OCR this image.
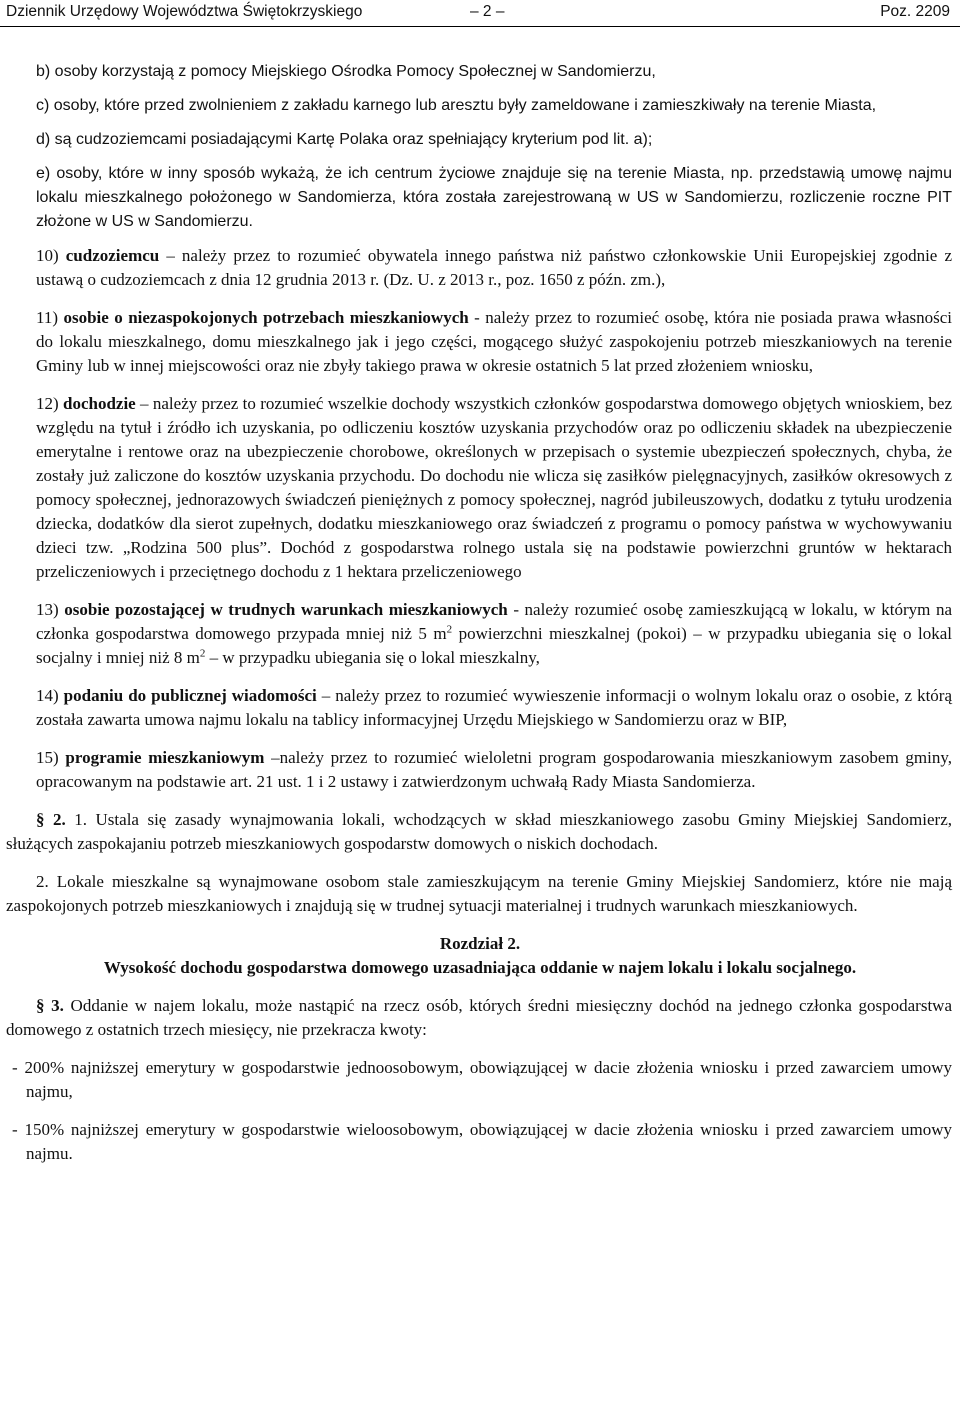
Dziennik Urzędowy Województwa Świętokrzyskiego	– 2 –	Poz. 2209

b) osoby korzystają z pomocy Miejskiego Ośrodka Pomocy Społecznej w Sandomierzu,

c) osoby, które przed zwolnieniem z zakładu karnego lub aresztu były zameldowane i zamieszkiwały na terenie Miasta,

d) są cudzoziemcami posiadającymi Kartę Polaka oraz spełniający kryterium pod lit. a);

e) osoby, które w inny sposób wykażą, że ich centrum życiowe znajduje się na terenie Miasta, np. przedstawią umowę najmu lokalu mieszkalnego położonego w Sandomierza, która została zarejestrowaną w US w Sandomierzu, rozliczenie roczne PIT złożone w US w Sandomierzu.

10) cudzoziemcu – należy przez to rozumieć obywatela innego państwa niż państwo członkowskie Unii Europejskiej zgodnie z ustawą o cudzoziemcach z dnia 12 grudnia 2013 r. (Dz. U. z 2013 r., poz. 1650 z późn. zm.),

11) osobie o niezaspokojonych potrzebach mieszkaniowych - należy przez to rozumieć osobę, która nie posiada prawa własności do lokalu mieszkalnego, domu mieszkalnego jak i jego części, mogącego służyć zaspokojeniu potrzeb mieszkaniowych na terenie Gminy lub w innej miejscowości oraz nie zbyły takiego prawa w okresie ostatnich 5 lat przed złożeniem wniosku,

12) dochodzie – należy przez to rozumieć wszelkie dochody wszystkich członków gospodarstwa domowego objętych wnioskiem, bez względu na tytuł i źródło ich uzyskania, po odliczeniu kosztów uzyskania przychodów oraz po odliczeniu składek na ubezpieczenie emerytalne i rentowe oraz na ubezpieczenie chorobowe, określonych w przepisach o systemie ubezpieczeń społecznych, chyba, że zostały już zaliczone do kosztów uzyskania przychodu. Do dochodu nie wlicza się zasiłków pielęgnacyjnych, zasiłków okresowych z pomocy społecznej, jednorazowych świadczeń pieniężnych z pomocy społecznej, nagród jubileuszowych, dodatku z tytułu urodzenia dziecka, dodatków dla sierot zupełnych, dodatku mieszkaniowego oraz świadczeń z programu o pomocy państwa w wychowywaniu dzieci tzw. „Rodzina 500 plus”. Dochód z gospodarstwa rolnego ustala się na podstawie powierzchni gruntów w hektarach przeliczeniowych i przeciętnego dochodu z 1 hektara przeliczeniowego

13) osobie pozostającej w trudnych warunkach mieszkaniowych - należy rozumieć osobę zamieszkującą w lokalu, w którym na członka gospodarstwa domowego przypada mniej niż 5 $m^2$ powierzchni mieszkalnej (pokoi) – w przypadku ubiegania się o lokal socjalny i mniej niż 8 $m^2$ – w przypadku ubiegania się o lokal mieszkalny,

14) podaniu do publicznej wiadomości – należy przez to rozumieć wywieszenie informacji o wolnym lokalu oraz o osobie, z którą została zawarta umowa najmu lokalu na tablicy informacyjnej Urzędu Miejskiego w Sandomierzu oraz w BIP,

15) programie mieszkaniowym –należy przez to rozumieć wieloletni program gospodarowania mieszkaniowym zasobem gminy, opracowanym na podstawie art. 21 ust. 1 i 2 ustawy i zatwierdzonym uchwałą Rady Miasta Sandomierza.

§ 2. 1. Ustala się zasady wynajmowania lokali, wchodzących w skład mieszkaniowego zasobu Gminy Miejskiej Sandomierz, służących zaspokajaniu potrzeb mieszkaniowych gospodarstw domowych o niskich dochodach.

2. Lokale mieszkalne są wynajmowane osobom stale zamieszkującym na terenie Gminy Miejskiej Sandomierz, które nie mają zaspokojonych potrzeb mieszkaniowych i znajdują się w trudnej sytuacji materialnej i trudnych warunkach mieszkaniowych.

Rozdział 2.

Wysokość dochodu gospodarstwa domowego uzasadniająca oddanie w najem lokalu i lokalu socjalnego.

§ 3. Oddanie w najem lokalu, może nastąpić na rzecz osób, których średni miesięczny dochód na jednego członka gospodarstwa domowego z ostatnich trzech miesięcy, nie przekracza kwoty:

- 200% najniższej emerytury w gospodarstwie jednoosobowym, obowiązującej w dacie złożenia wniosku i przed zawarciem umowy najmu,

- 150% najniższej emerytury w gospodarstwie wieloosobowym, obowiązującej w dacie złożenia wniosku i przed zawarciem umowy najmu.
